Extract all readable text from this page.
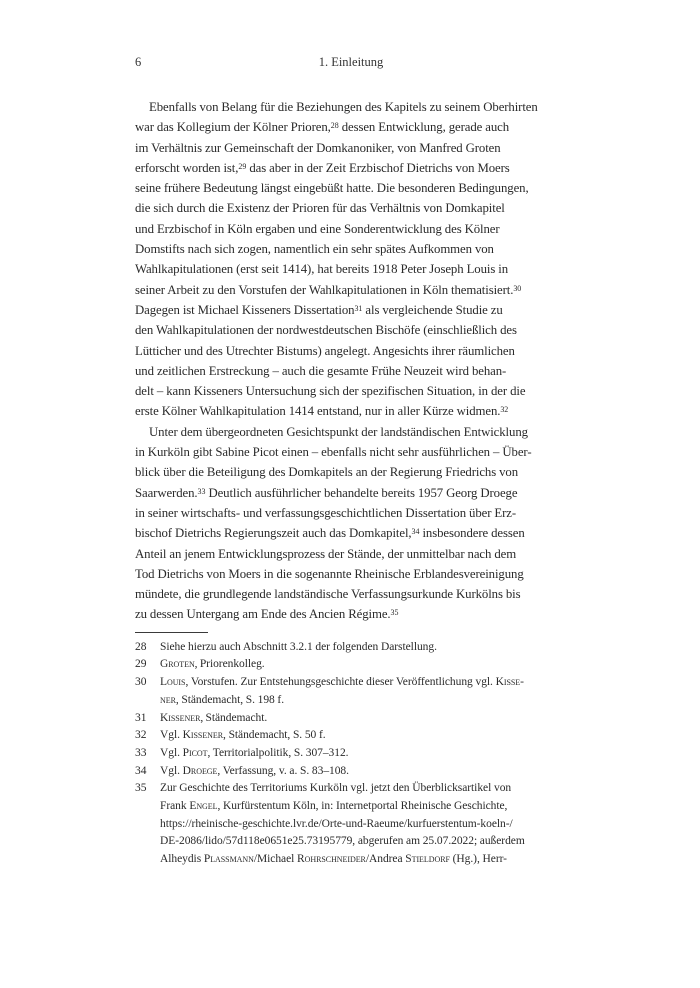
6	1. Einleitung
Ebenfalls von Belang für die Beziehungen des Kapitels zu seinem Oberhirten
war das Kollegium der Kölner Prioren,$^{28}$ dessen Entwicklung, gerade auch
im Verhältnis zur Gemeinschaft der Domkanoniker, von Manfred Groten
erforscht worden ist,$^{29}$ das aber in der Zeit Erzbischof Dietrichs von Moers
seine frühere Bedeutung längst eingebüßt hatte. Die besonderen Bedingungen,
die sich durch die Existenz der Prioren für das Verhältnis von Domkapitel
und Erzbischof in Köln ergaben und eine Sonderentwicklung des Kölner
Domstifts nach sich zogen, namentlich ein sehr spätes Aufkommen von
Wahlkapitulationen (erst seit 1414), hat bereits 1918 Peter Joseph Louis in
seiner Arbeit zu den Vorstufen der Wahlkapitulationen in Köln thematisiert.$^{30}$
Dagegen ist Michael Kisseners Dissertation$^{31}$ als vergleichende Studie zu
den Wahlkapitulationen der nordwestdeutschen Bischöfe (einschließlich des
Lütticher und des Utrechter Bistums) angelegt. Angesichts ihrer räumlichen
und zeitlichen Erstreckung – auch die gesamte Frühe Neuzeit wird behan-
delt – kann Kisseners Untersuchung sich der spezifischen Situation, in der die
erste Kölner Wahlkapitulation 1414 entstand, nur in aller Kürze widmen.$^{32}$
Unter dem übergeordneten Gesichtspunkt der landständischen Entwicklung
in Kurköln gibt Sabine Picot einen – ebenfalls nicht sehr ausführlichen – Über-
blick über die Beteiligung des Domkapitels an der Regierung Friedrichs von
Saarwerden.$^{33}$ Deutlich ausführlicher behandelte bereits 1957 Georg Droege
in seiner wirtschafts- und verfassungsgeschichtlichen Dissertation über Erz-
bischof Dietrichs Regierungszeit auch das Domkapitel,$^{34}$ insbesondere dessen
Anteil an jenem Entwicklungsprozess der Stände, der unmittelbar nach dem
Tod Dietrichs von Moers in die sogenannte Rheinische Erblandesvereinigung
mündete, die grundlegende landständische Verfassungsurkunde Kurkölns bis
zu dessen Untergang am Ende des Ancien Régime.$^{35}$
28	Siehe hierzu auch Abschnitt 3.2.1 der folgenden Darstellung.
29	Groten, Priorenkolleg.
30	Louis, Vorstufen. Zur Entstehungsgeschichte dieser Veröffentlichung vgl. Kisse-
ner, Ständemacht, S. 198 f.
31	Kissener, Ständemacht.
32	Vgl. Kissener, Ständemacht, S. 50 f.
33	Vgl. Picot, Territorialpolitik, S. 307–312.
34	Vgl. Droege, Verfassung, v. a. S. 83–108.
35	Zur Geschichte des Territoriums Kurköln vgl. jetzt den Überblicksartikel von
Frank Engel, Kurfürstentum Köln, in: Internetportal Rheinische Geschichte,
https://rheinische-geschichte.lvr.de/Orte-und-Raeume/kurfuerstentum-koeln-/
DE-2086/lido/57d118e0651e25.73195779, abgerufen am 25.07.2022; außerdem
Alheydis Plassmann/Michael Rohrschneider/Andrea Stieldorf (Hg.), Herr-
